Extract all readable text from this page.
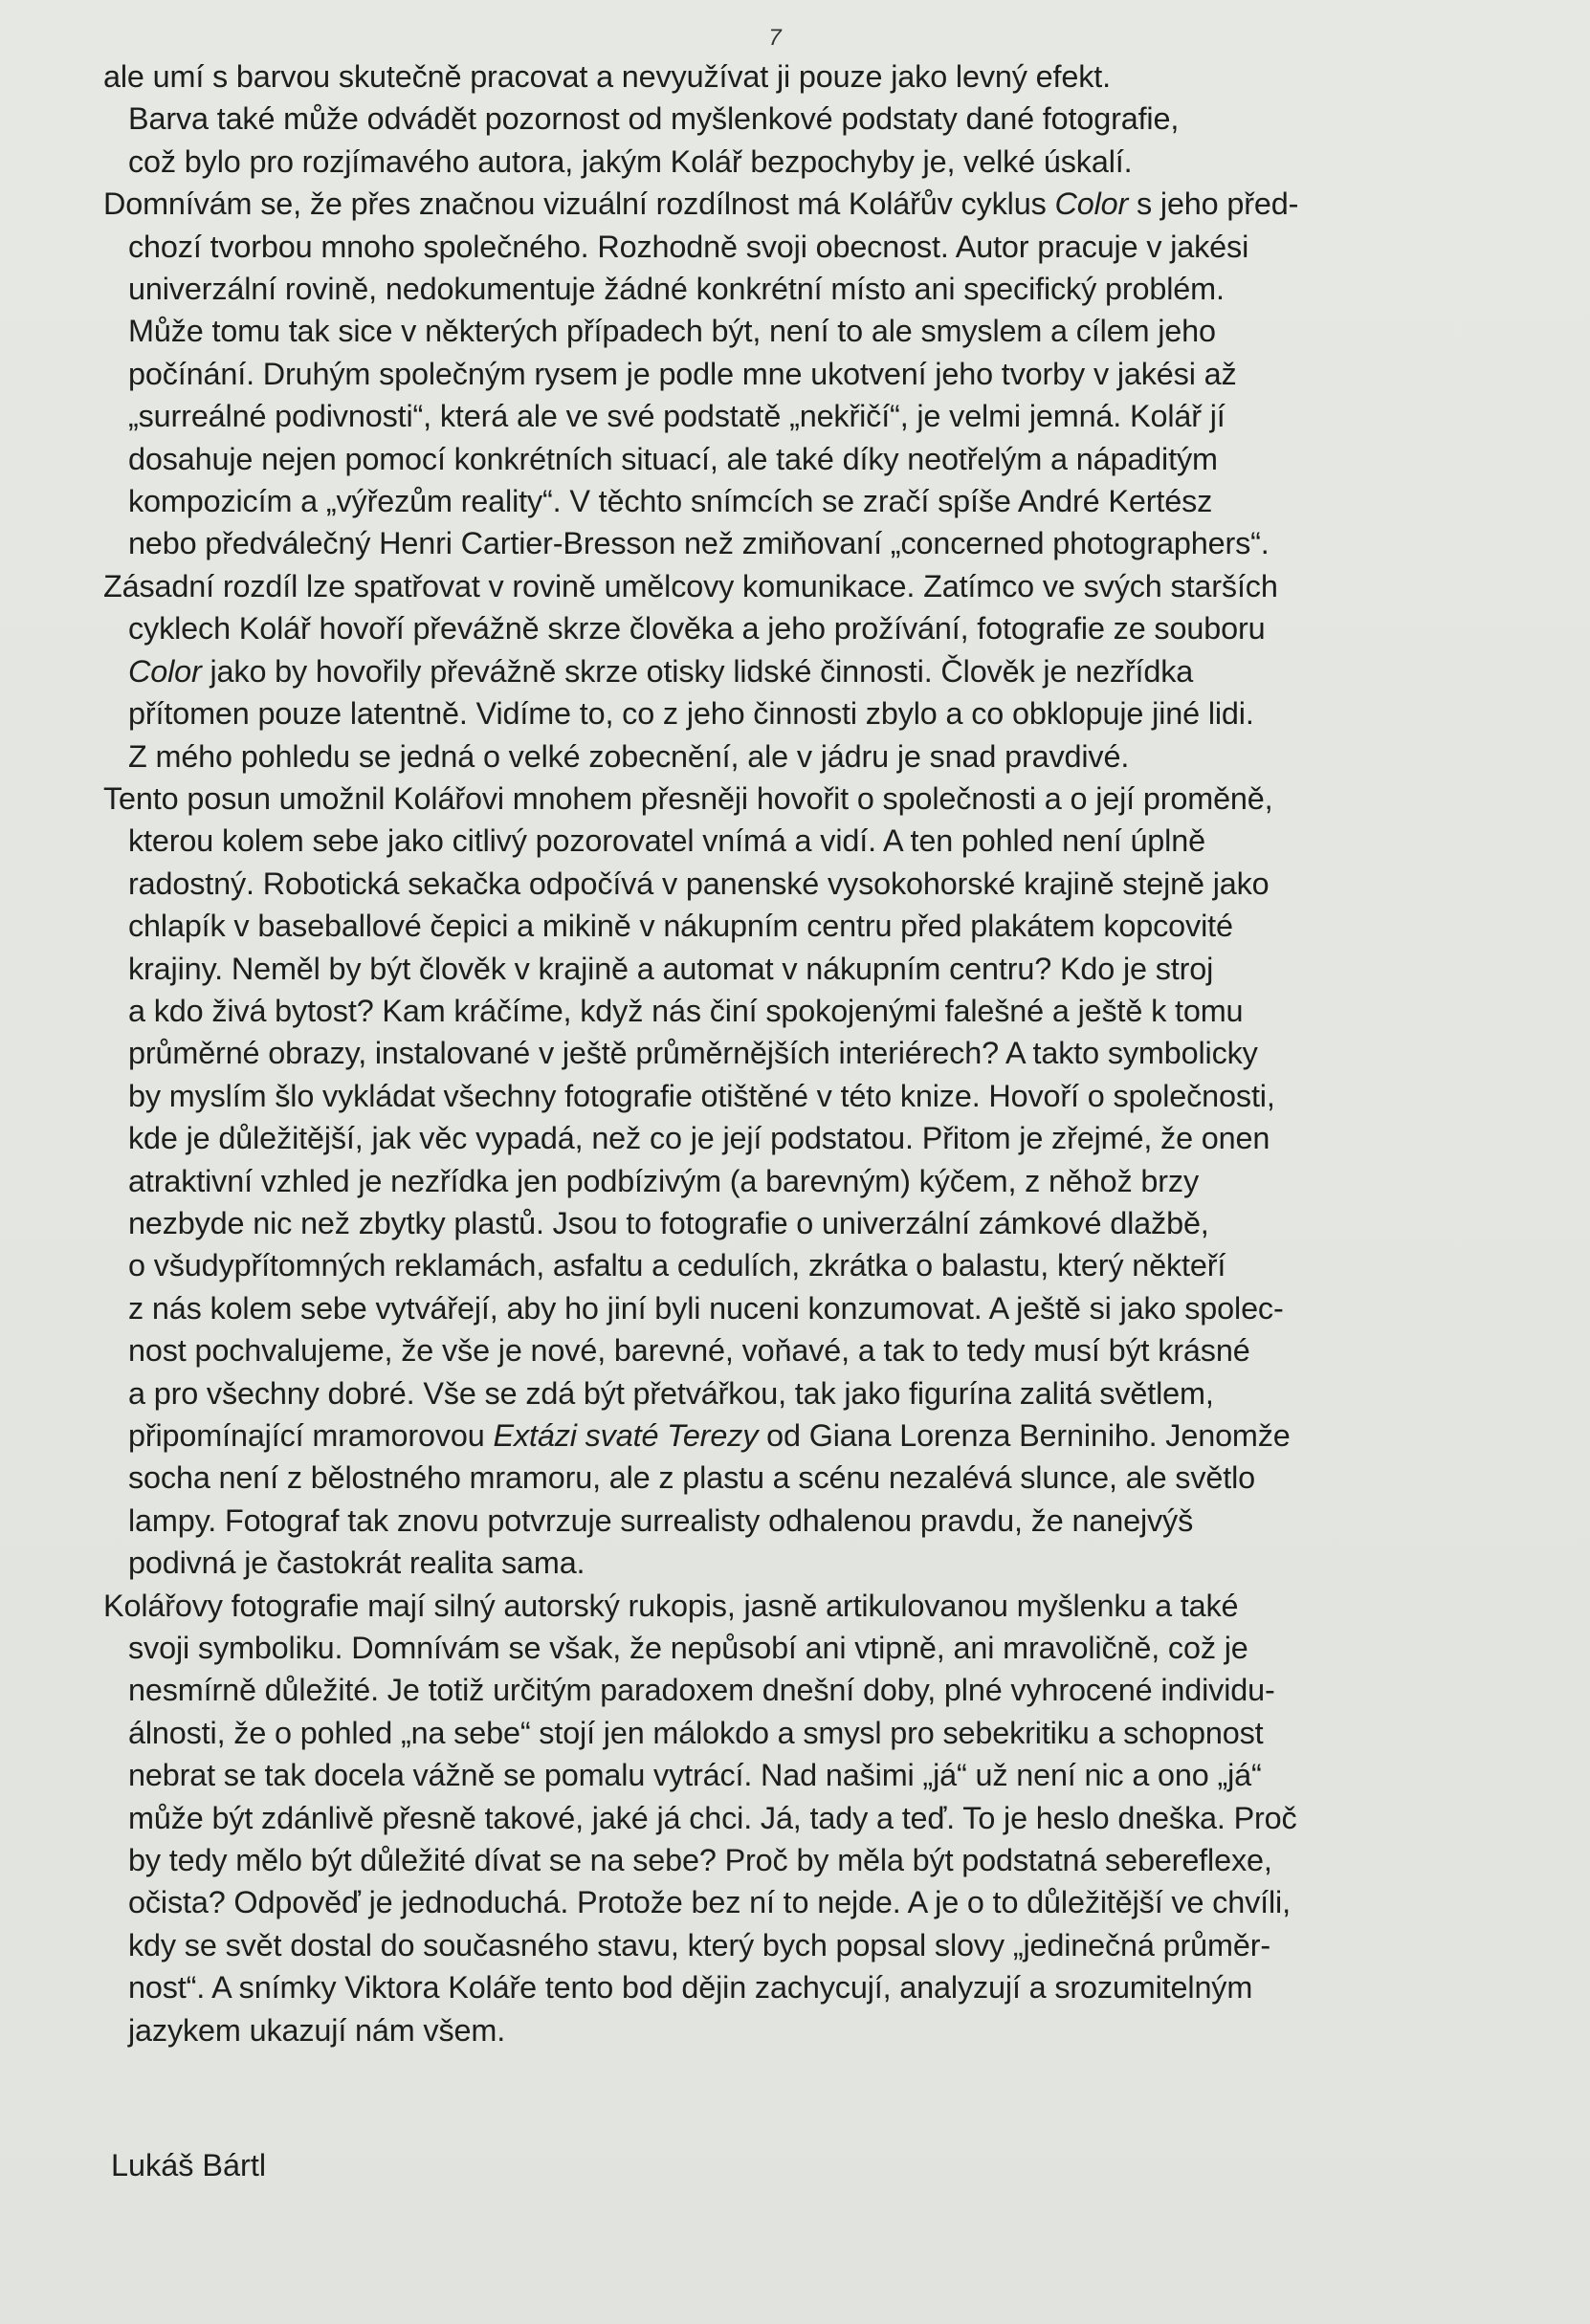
7

ale umí s barvou skutečně pracovat a nevyužívat ji pouze jako levný efekt.
Barva také může odvádět pozornost od myšlenkové podstaty dané fotografie,
což bylo pro rozjímavého autora, jakým Kolář bezpochyby je, velké úskalí.

Domnívám se, že přes značnou vizuální rozdílnost má Kolářův cyklus Color s jeho před-
chozí tvorbou mnoho společného. Rozhodně svoji obecnost. Autor pracuje v jakési
univerzální rovině, nedokumentuje žádné konkrétní místo ani specifický problém.
Může tomu tak sice v některých případech být, není to ale smyslem a cílem jeho
počínání. Druhým společným rysem je podle mne ukotvení jeho tvorby v jakési až
„surreálné podivnosti“, která ale ve své podstatě „nekřičí“, je velmi jemná. Kolář jí
dosahuje nejen pomocí konkrétních situací, ale také díky neotřelým a nápaditým
kompozicím a „výřezům reality“. V těchto snímcích se zračí spíše André Kertész
nebo předválečný Henri Cartier-Bresson než zmiňovaní „concerned photographers“.

Zásadní rozdíl lze spatřovat v rovině umělcovy komunikace. Zatímco ve svých starších
cyklech Kolář hovoří převážně skrze člověka a jeho prožívání, fotografie ze souboru
Color jako by hovořily převážně skrze otisky lidské činnosti. Člověk je nezřídka
přítomen pouze latentně. Vidíme to, co z jeho činnosti zbylo a co obklopuje jiné lidi.
Z mého pohledu se jedná o velké zobecnění, ale v jádru je snad pravdivé.

Tento posun umožnil Kolářovi mnohem přesněji hovořit o společnosti a o její proměně,
kterou kolem sebe jako citlivý pozorovatel vnímá a vidí. A ten pohled není úplně
radostný. Robotická sekačka odpočívá v panenské vysokohorské krajině stejně jako
chlapík v baseballové čepici a mikině v nákupním centru před plakátem kopcovité
krajiny. Neměl by být člověk v krajině a automat v nákupním centru? Kdo je stroj
a kdo živá bytost? Kam kráčíme, když nás činí spokojenými falešné a ještě k tomu
průměrné obrazy, instalované v ještě průměrnějších interiérech? A takto symbolicky
by myslím šlo vykládat všechny fotografie otištěné v této knize. Hovoří o společnosti,
kde je důležitější, jak věc vypadá, než co je její podstatou. Přitom je zřejmé, že onen
atraktivní vzhled je nezřídka jen podbízivým (a barevným) kýčem, z něhož brzy
nezbyde nic než zbytky plastů. Jsou to fotografie o univerzální zámkové dlažbě,
o všudypřítomných reklamách, asfaltu a cedulích, zkrátka o balastu, který někteří
z nás kolem sebe vytvářejí, aby ho jiní byli nuceni konzumovat. A ještě si jako spolec-
nost pochvalujeme, že vše je nové, barevné, voňavé, a tak to tedy musí být krásné
a pro všechny dobré. Vše se zdá být přetvářkou, tak jako figurína zalitá světlem,
připomínající mramorovou Extázi svaté Terezy od Giana Lorenza Berniniho. Jenomže
socha není z bělostného mramoru, ale z plastu a scénu nezalévá slunce, ale světlo
lampy. Fotograf tak znovu potvrzuje surrealisty odhalenou pravdu, že nanejvýš
podivná je častokrát realita sama.

Kolářovy fotografie mají silný autorský rukopis, jasně artikulovanou myšlenku a také
svoji symboliku. Domnívám se však, že nepůsobí ani vtipně, ani mravoličně, což je
nesmírně důležité. Je totiž určitým paradoxem dnešní doby, plné vyhrocené individu-
álnosti, že o pohled „na sebe“ stojí jen málokdo a smysl pro sebekritiku a schopnost
nebrat se tak docela vážně se pomalu vytrácí. Nad našimi „já“ už není nic a ono „já“
může být zdánlivě přesně takové, jaké já chci. Já, tady a teď. To je heslo dneška. Proč
by tedy mělo být důležité dívat se na sebe? Proč by měla být podstatná sebereflexe,
očista? Odpověď je jednoduchá. Protože bez ní to nejde. A je o to důležitější ve chvíli,
kdy se svět dostal do současného stavu, který bych popsal slovy „jedinečná průměr-
nost“. A snímky Viktora Koláře tento bod dějin zachycují, analyzují a srozumitelným
jazykem ukazují nám všem.

Lukáš Bártl
